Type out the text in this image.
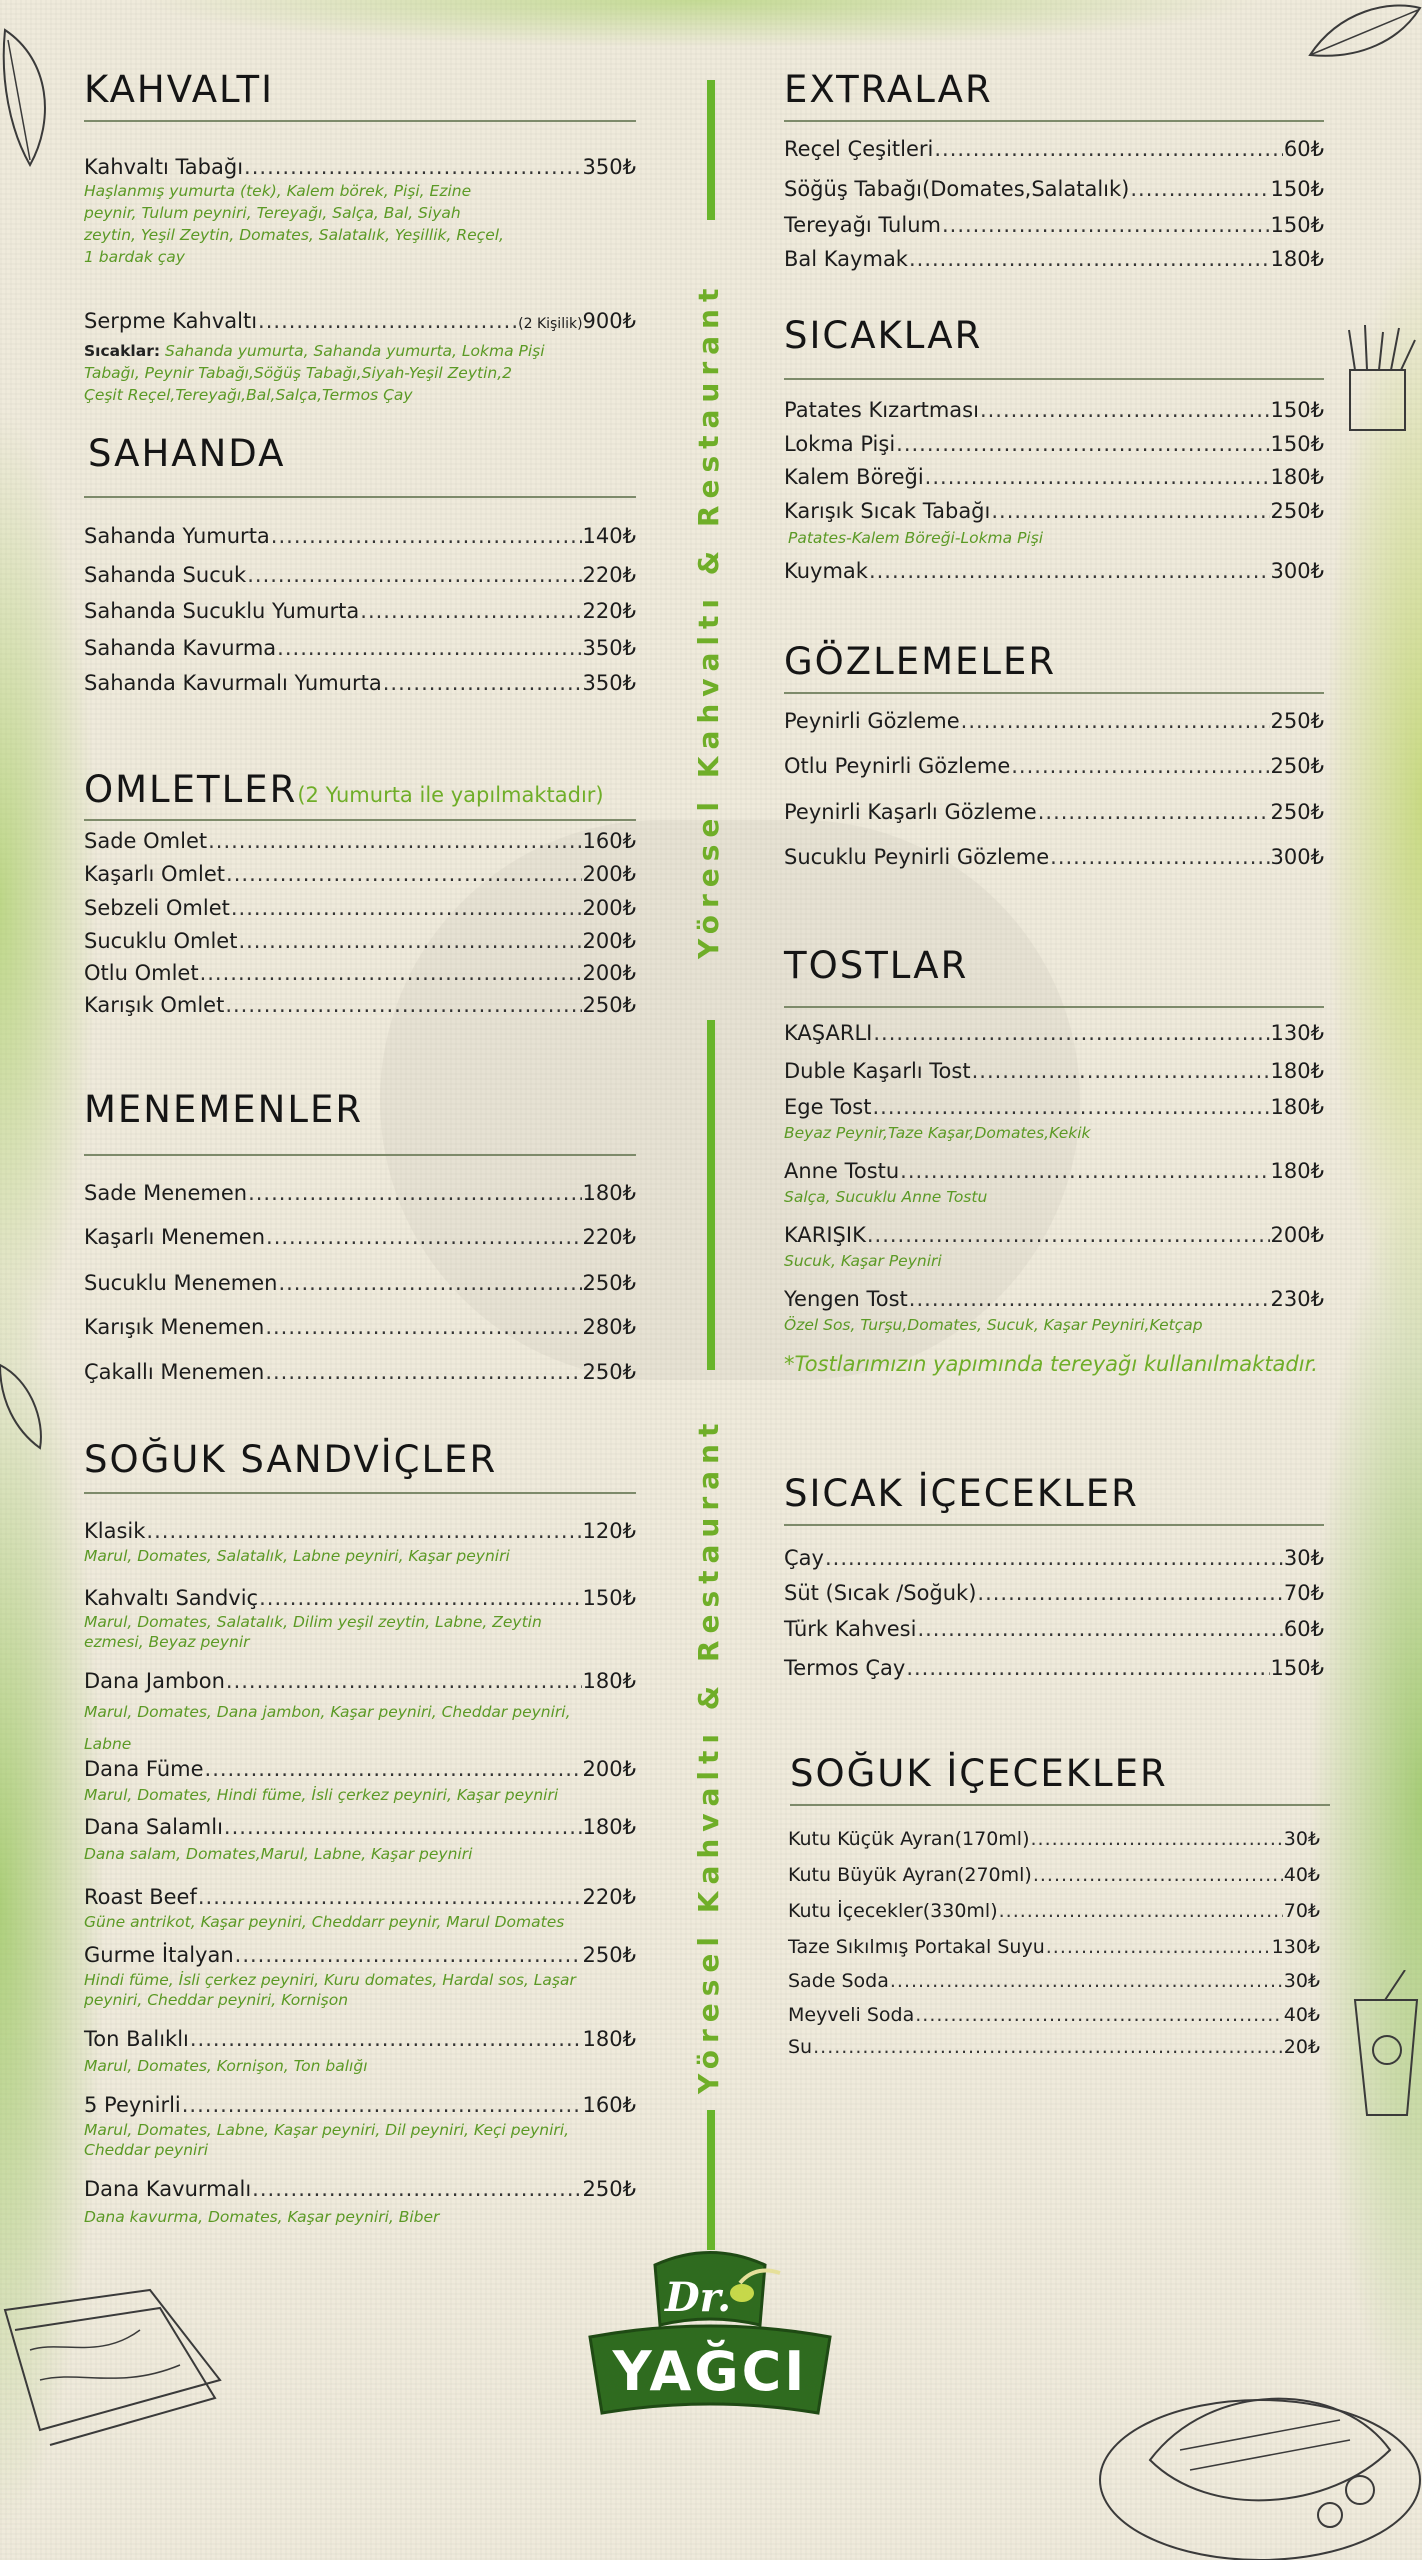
KAHVALTI
Kahvaltı Tabağı .....	350₺
Haşlanmış yumurta (tek), Kalem börek, Pişi, Ezine peynir, Tulum peyniri, Tereyağı, Salça, Bal, Siyah zeytin, Yeşil Zeytin, Domates, Salatalık, Yeşillik, Reçel, 1 bardak çay
Serpme Kahvaltı .....	(2 Kişilik) 900₺
Sıcaklar: Sahanda yumurta, Sahanda yumurta, Lokma Pişi Tabağı, Peynir Tabağı,Söğüş Tabağı,Siyah-Yeşil Zeytin,2 Çeşit Reçel,Tereyağı,Bal,Salça,Termos Çay
SAHANDA
Sahanda Yumurta .....	140₺
Sahanda Sucuk .....	220₺
Sahanda Sucuklu Yumurta .....	220₺
Sahanda Kavurma .....	350₺
Sahanda Kavurmalı Yumurta .....	350₺
OMLETLER(2 Yumurta ile yapılmaktadır)
Sade Omlet .....	160₺
Kaşarlı Omlet .....	200₺
Sebzeli Omlet .....	200₺
Sucuklu Omlet .....	200₺
Otlu Omlet .....	200₺
Karışık Omlet .....	250₺
MENEMENLER
Sade Menemen .....	180₺
Kaşarlı Menemen .....	220₺
Sucuklu Menemen .....	250₺
Karışık Menemen .....	280₺
Çakallı Menemen .....	250₺
SOĞUK SANDVİÇLER
Klasik .....	120₺
Marul, Domates, Salatalık, Labne peyniri, Kaşar peyniri
Kahvaltı Sandviç .....	150₺
Marul, Domates, Salatalık, Dilim yeşil zeytin, Labne, Zeytin ezmesi, Beyaz peynir
Dana Jambon .....	180₺
Marul, Domates, Dana jambon, Kaşar peyniri, Cheddar peyniri, Labne
Dana Füme .....	200₺
Marul, Domates, Hindi füme, İsli çerkez peyniri, Kaşar peyniri
Dana Salamlı .....	180₺
Dana salam, Domates,Marul, Labne, Kaşar peyniri
Roast Beef .....	220₺
Güne antrikot, Kaşar peyniri, Cheddarr peynir, Marul Domates
Gurme İtalyan .....	250₺
Hindi füme, İsli çerkez peyniri, Kuru domates, Hardal sos, Laşar peyniri, Cheddar peyniri, Kornişon
Ton Balıklı .....	180₺
Marul, Domates, Kornişon, Ton balığı
5 Peynirli .....	160₺
Marul, Domates, Labne, Kaşar peyniri, Dil peyniri, Keçi peyniri, Cheddar peyniri
Dana Kavurmalı .....	250₺
Dana kavurma, Domates, Kaşar peyniri, Biber
Yöresel Kahvaltı & Restaurant
Yöresel Kahvaltı & Restaurant
EXTRALAR
Reçel Çeşitleri .....	60₺
Söğüş Tabağı(Domates,Salatalık) .....	150₺
Tereyağı Tulum .....	150₺
Bal Kaymak .....	180₺
SICAKLAR
Patates Kızartması .....	150₺
Lokma Pişi .....	150₺
Kalem Böreği .....	180₺
Karışık Sıcak Tabağı .....	250₺
Patates-Kalem Böreği-Lokma Pişi
Kuymak .....	300₺
GÖZLEMELER
Peynirli Gözleme .....	250₺
Otlu Peynirli Gözleme .....	250₺
Peynirli Kaşarlı Gözleme .....	250₺
Sucuklu Peynirli Gözleme .....	300₺
TOSTLAR
KAŞARLI .....	130₺
Duble Kaşarlı Tost .....	180₺
Ege Tost .....	180₺
Beyaz Peynir,Taze Kaşar,Domates,Kekik
Anne Tostu .....	180₺
Salça, Sucuklu Anne Tostu
KARIŞIK .....	200₺
Sucuk, Kaşar Peyniri
Yengen Tost .....	230₺
Özel Sos, Turşu,Domates, Sucuk, Kaşar Peyniri,Ketçap
*Tostlarımızın yapımında tereyağı kullanılmaktadır.
SICAK İÇECEKLER
Çay .....	30₺
Süt (Sıcak /Soğuk) .....	70₺
Türk Kahvesi .....	60₺
Termos Çay .....	150₺
SOĞUK İÇECEKLER
Kutu Küçük Ayran(170ml) .....	30₺
Kutu Büyük Ayran(270ml) .....	40₺
Kutu İçecekler(330ml) .....	70₺
Taze Sıkılmış Portakal Suyu .....	130₺
Sade Soda .....	30₺
Meyveli Soda .....	40₺
Su .....	20₺
Dr.
YAĞCI
